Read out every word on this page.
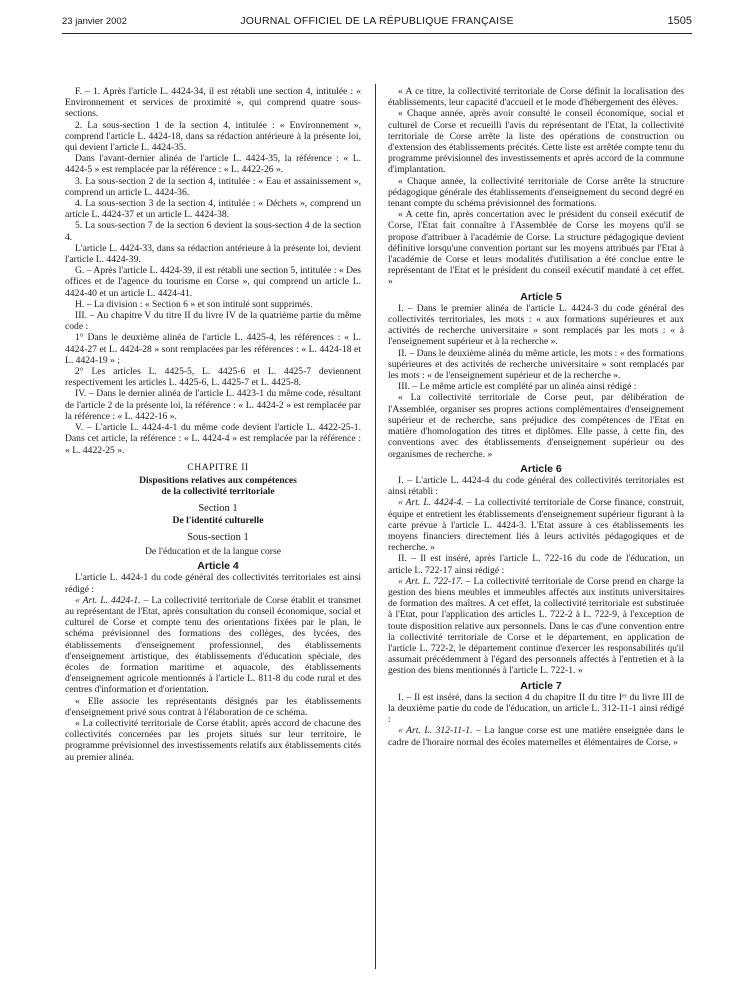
23 janvier 2002	JOURNAL OFFICIEL DE LA RÉPUBLIQUE FRANÇAISE	1505

F. – 1. Après l'article L. 4424-34, il est rétabli une section 4, intitulée : « Environnement et services de proximité », qui comprend quatre sous-sections.

2. La sous-section 1 de la section 4, intitulée : « Environnement », comprend l'article L. 4424-18, dans sa rédaction antérieure à la présente loi, qui devient l'article L. 4424-35.

Dans l'avant-dernier alinéa de l'article L. 4424-35, la référence : « L. 4424-5 » est remplacée par la référence : « L. 4422-26 ».

3. La sous-section 2 de la section 4, intitulée : « Eau et assainissement », comprend un article L. 4424-36.

4. La sous-section 3 de la section 4, intitulée : « Déchets », comprend un article L. 4424-37 et un article L. 4424-38.

5. La sous-section 7 de la section 6 devient la sous-section 4 de la section 4.

L'article L. 4424-33, dans sa rédaction antérieure à la présente loi, devient l'article L. 4424-39.

G. – Après l'article L. 4424-39, il est rétabli une section 5, intitulée : « Des offices et de l'agence du tourisme en Corse », qui comprend un article L. 4424-40 et un article L. 4424-41.

H. – La division : « Section 6 » et son intitulé sont supprimés.

III. – Au chapitre V du titre II du livre IV de la quatrième partie du même code :

1° Dans le deuxième alinéa de l'article L. 4425-4, les références : « L. 4424-27 et L. 4424-28 » sont remplacées par les références : « L. 4424-18 et L. 4424-19 » ;

2° Les articles L. 4425-5, L. 4425-6 et L. 4425-7 deviennent respectivement les articles L. 4425-6, L. 4425-7 et L. 4425-8.

IV. – Dans le dernier alinéa de l'article L. 4423-1 du même code, résultant de l'article 2 de la présente loi, la référence : « L. 4424-2 » est remplacée par la référence : « L. 4422-16 ».

V. – L'article L. 4424-4-1 du même code devient l'article L. 4422-25-1. Dans cet article, la référence : « L. 4424-4 » est remplacée par la référence : « L. 4422-25 ».

CHAPITRE II

Dispositions relatives aux compétences

de la collectivité territoriale

Section 1

De l'identité culturelle

Sous-section 1

De l'éducation et de la langue corse

Article 4

L'article L. 4424-1 du code général des collectivités territoriales est ainsi rédigé :

« Art. L. 4424-1. – La collectivité territoriale de Corse établit et transmet au représentant de l'Etat, après consultation du conseil économique, social et culturel de Corse et compte tenu des orientations fixées par le plan, le schéma prévisionnel des formations des collèges, des lycées, des établissements d'enseignement professionnel, des établissements d'enseignement artistique, des établissements d'éducation spéciale, des écoles de formation maritime et aquacole, des établissements d'enseignement agricole mentionnés à l'article L. 811-8 du code rural et des centres d'information et d'orientation.

« Elle associe les représentants désignés par les établissements d'enseignement privé sous contrat à l'élaboration de ce schéma.

« La collectivité territoriale de Corse établit, après accord de chacune des collectivités concernées par les projets situés sur leur territoire, le programme prévisionnel des investissements relatifs aux établissements cités au premier alinéa.

« A ce titre, la collectivité territoriale de Corse définit la localisation des établissements, leur capacité d'accueil et le mode d'hébergement des élèves.

« Chaque année, après avoir consulté le conseil économique, social et culturel de Corse et recueilli l'avis du représentant de l'Etat, la collectivité territoriale de Corse arrête la liste des opérations de construction ou d'extension des établissements précités. Cette liste est arrêtée compte tenu du programme prévisionnel des investissements et après accord de la commune d'implantation.

« Chaque année, la collectivité territoriale de Corse arrête la structure pédagogique générale des établissements d'enseignement du second degré en tenant compte du schéma prévisionnel des formations.

« A cette fin, après concertation avec le président du conseil exécutif de Corse, l'Etat fait connaître à l'Assemblée de Corse les moyens qu'il se propose d'attribuer à l'académie de Corse. La structure pédagogique devient définitive lorsqu'une convention portant sur les moyens attribués par l'Etat à l'académie de Corse et leurs modalités d'utilisation a été conclue entre le représentant de l'Etat et le président du conseil exécutif mandaté à cet effet. »

Article 5

I. – Dans le premier alinéa de l'article L. 4424-3 du code général des collectivités territoriales, les mots : « aux formations supérieures et aux activités de recherche universitaire » sont remplacés par les mots : « à l'enseignement supérieur et à la recherche ».

II. – Dans le deuxième alinéa du même article, les mots : « des formations supérieures et des activités de recherche universitaire » sont remplacés par les mots : « de l'enseignement supérieur et de la recherche ».

III. – Le même article est complété par un alinéa ainsi rédigé :

« La collectivité territoriale de Corse peut, par délibération de l'Assemblée, organiser ses propres actions complémentaires d'enseignement supérieur et de recherche, sans préjudice des compétences de l'Etat en matière d'homologation des titres et diplômes. Elle passe, à cette fin, des conventions avec des établissements d'enseignement supérieur ou des organismes de recherche. »

Article 6

I. – L'article L. 4424-4 du code général des collectivités territoriales est ainsi rétabli :

« Art. L. 4424-4. – La collectivité territoriale de Corse finance, construit, équipe et entretient les établissements d'enseignement supérieur figurant à la carte prévue à l'article L. 4424-3. L'Etat assure à ces établissements les moyens financiers directement liés à leurs activités pédagogiques et de recherche. »

II. – Il est inséré, après l'article L. 722-16 du code de l'éducation, un article L. 722-17 ainsi rédigé :

« Art. L. 722-17. – La collectivité territoriale de Corse prend en charge la gestion des biens meubles et immeubles affectés aux instituts universitaires de formation des maîtres. A cet effet, la collectivité territoriale est substituée à l'Etat, pour l'application des articles L. 722-2 à L. 722-9, à l'exception de toute disposition relative aux personnels. Dans le cas d'une convention entre la collectivité territoriale de Corse et le département, en application de l'article L. 722-2, le département continue d'exercer les responsabilités qu'il assumait précédemment à l'égard des personnels affectés à l'entretien et à la gestion des biens mentionnés à l'article L. 722-1. »

Article 7

I. – Il est inséré, dans la section 4 du chapitre II du titre Iᵉʳ du livre III de la deuxième partie du code de l'éducation, un article L. 312-11-1 ainsi rédigé :

« Art. L. 312-11-1. – La langue corse est une matière enseignée dans le cadre de l'horaire normal des écoles maternelles et élémentaires de Corse. »
